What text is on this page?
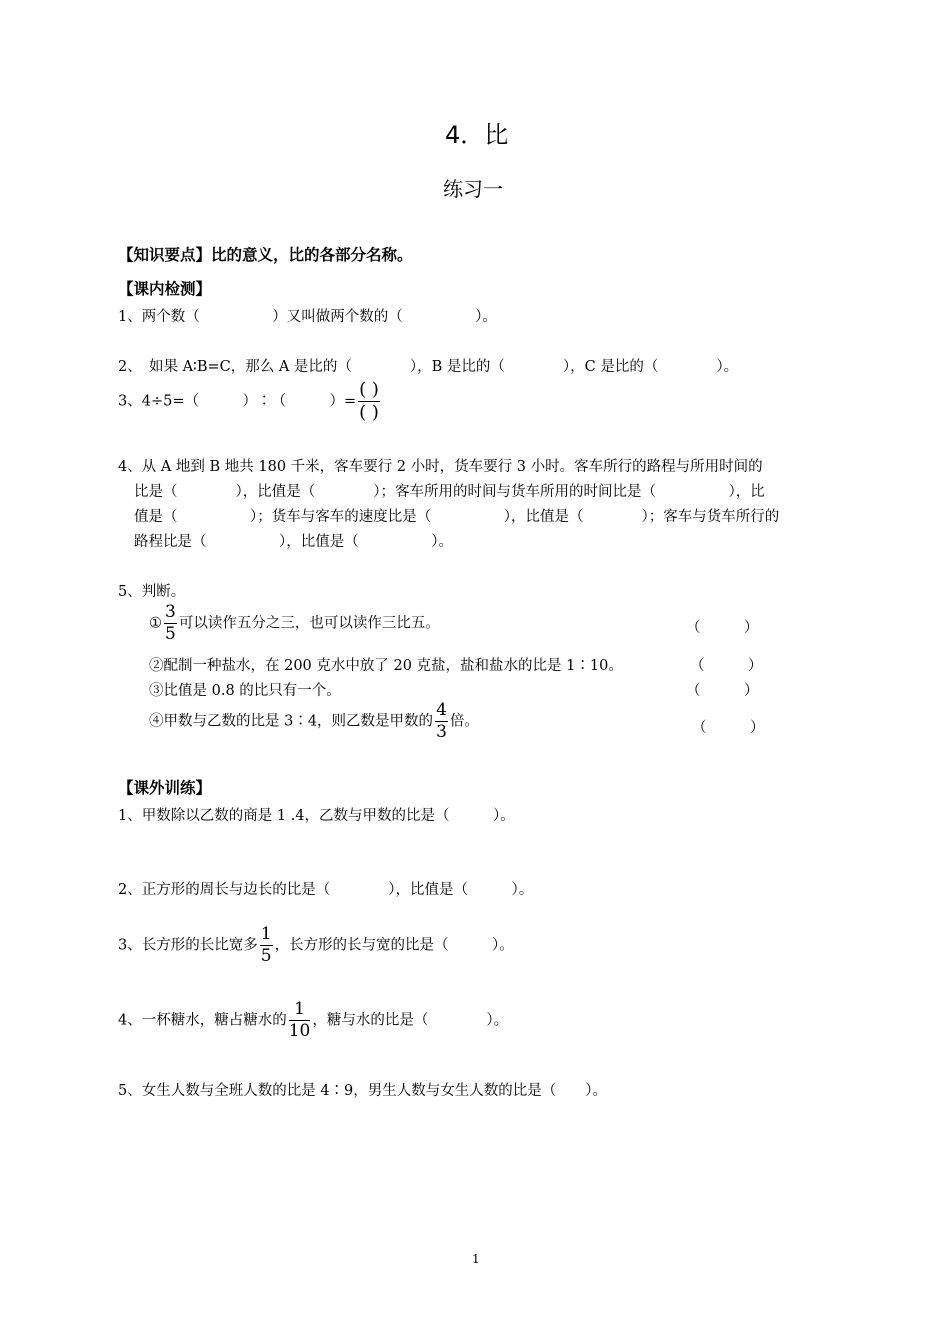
4．比
练习一
【知识要点】比的意义，比的各部分名称。
【课内检测】
1、两个数（　　　　　）又叫做两个数的（　　　　　）。
2、　如果 A∶B=C，那么 A 是比的（　　　　），B 是比的（　　　　），C 是比的（　　　　）。
3、4÷5=（　　　）∶（　　　）= $\frac{( )}{( )}$
4、从 A 地到 B 地共 180 千米，客车要行 2 小时，货车要行 3 小时。客车所行的路程与所用时间的
比是（　　　　），比值是（　　　　）；客车所用的时间与货车所用的时间比是（　　　　　），比
值是（　　　　　）；货车与客车的速度比是（　　　　　），比值是（　　　　）；客车与货车所行的
路程比是（　　　　　），比值是（　　　　　）。
5、判断。
① $\frac{3}{5}$ 可以读作五分之三，也可以读作三比五。	（　　　）
②配制一种盐水，在 200 克水中放了 20 克盐，盐和盐水的比是 1∶10。	（　　　）
③比值是 0.8 的比只有一个。	（　　　）
④甲数与乙数的比是 3∶4，则乙数是甲数的 $\frac{4}{3}$ 倍。	（　　　）
【课外训练】
1、甲数除以乙数的商是 1 .4，乙数与甲数的比是（　　　）。
2、正方形的周长与边长的比是（　　　　），比值是（　　　）。
3、长方形的长比宽多 $\frac{1}{5}$ ，长方形的长与宽的比是（　　　）。
4、一杯糖水，糖占糖水的 $\frac{1}{10}$ ，糖与水的比是（　　　　）。
5、女生人数与全班人数的比是 4∶9，男生人数与女生人数的比是（　　）。
1
